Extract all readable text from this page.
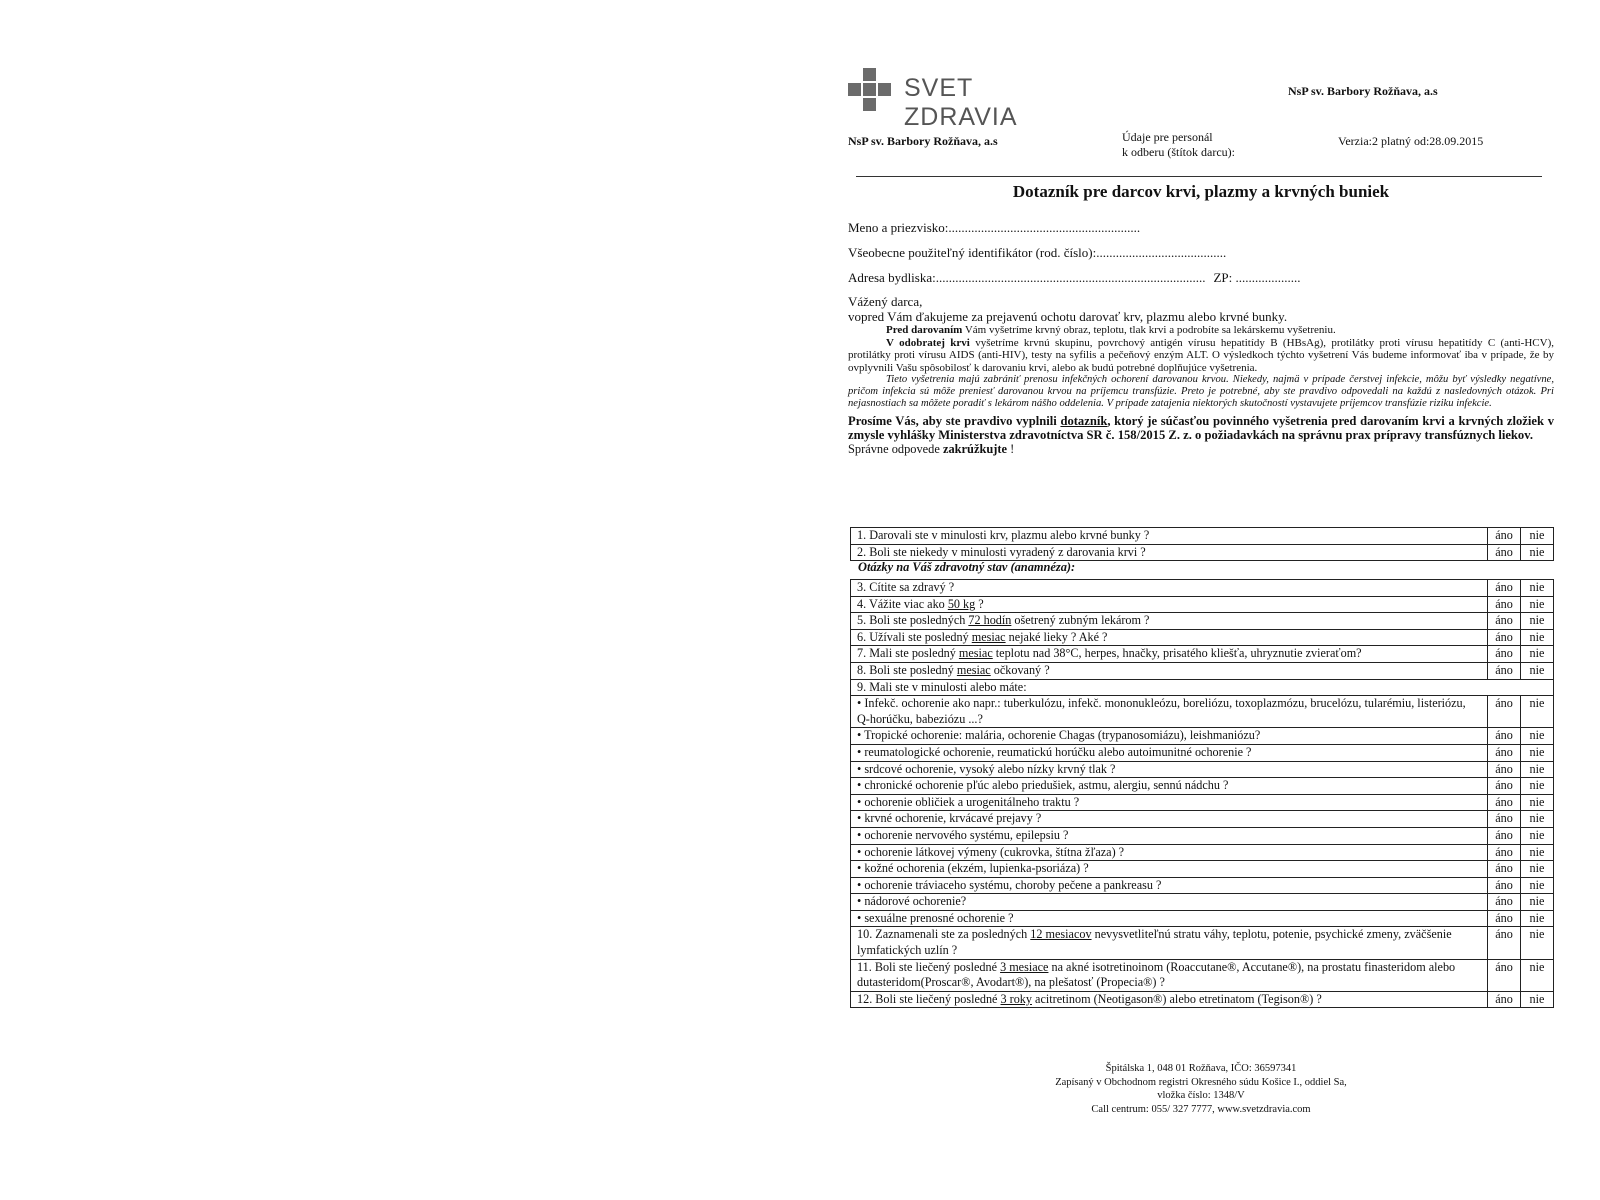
SVET ZDRAVIA
NsP sv. Barbory Rožňava, a.s
NsP sv. Barbory Rožňava, a.s	Údaje pre personál
k odberu (štítok darcu):
Verzia:2 platný od:28.09.2015
Dotazník pre darcov krvi, plazmy a krvných buniek
Meno a priezvisko:...........................................................
Všeobecne použiteľný identifikátor (rod. číslo):........................................
Adresa bydliska:................................................................................... ZP: ....................

Vážený darca,

vopred Vám ďakujeme za prejavenú ochotu darovať krv, plazmu alebo krvné bunky.

Pred darovaním Vám vyšetríme krvný obraz, teplotu, tlak krvi a podrobíte sa lekárskemu vyšetreniu.

V odobratej krvi vyšetríme krvnú skupinu, povrchový antigén vírusu hepatitídy B (HBsAg), protilátky proti vírusu hepatitídy C (anti-HCV), protilátky proti vírusu AIDS (anti-HIV), testy na syfilis a pečeňový enzým ALT. O výsledkoch týchto vyšetrení Vás budeme informovať iba v prípade, že by ovplyvnili Vašu spôsobilosť k darovaniu krvi, alebo ak budú potrebné doplňujúce vyšetrenia.

Tieto vyšetrenia majú zabrániť prenosu infekčných ochorení darovanou krvou. Niekedy, najmä v prípade čerstvej infekcie, môžu byť výsledky negatívne, pričom infekcia sú môže preniesť darovanou krvou na príjemcu transfúzie. Preto je potrebné, aby ste pravdivo odpovedali na každú z nasledovných otázok. Pri nejasnostiach sa môžete poradiť s lekárom nášho oddelenia. V prípade zatajenia niektorých skutočností vystavujete príjemcov transfúzie riziku infekcie.

Prosíme Vás, aby ste pravdivo vyplnili dotazník, ktorý je súčasťou povinného vyšetrenia pred darovaním krvi a krvných zložiek v zmysle vyhlášky Ministerstva zdravotníctva SR č. 158/2015 Z. z. o požiadavkách na správnu prax prípravy transfúznych liekov.

Správne odpovede zakrúžkujte !

1. Darovali ste v minulosti krv, plazmu alebo krvné bunky ?	áno	nie
2. Boli ste niekedy v minulosti vyradený z darovania krvi ?	áno	nie
Otázky na Váš zdravotný stav (anamnéza):
3. Cítite sa zdravý ?	áno	nie
4. Vážite viac ako 50 kg ?	áno	nie
5. Boli ste posledných 72 hodín ošetrený zubným lekárom ?	áno	nie
6. Užívali ste posledný mesiac nejaké lieky ? Aké ?	áno	nie
7. Mali ste posledný mesiac teplotu nad 38°C, herpes, hnačky, prisatého kliešťa, uhryznutie zvieraťom?	áno	nie
8. Boli ste posledný mesiac očkovaný ?	áno	nie
9. Mali ste v minulosti alebo máte:		
• Infekč. ochorenie ako napr.: tuberkulózu, infekč. mononukleózu, boreliózu, toxoplazmózu, brucelózu, tularémiu, listeriózu, Q-horúčku, babeziózu ...?	áno	nie
• Tropické ochorenie: malária, ochorenie Chagas (trypanosomiázu), leishmaniózu?	áno	nie
• reumatologické ochorenie, reumatickú horúčku alebo autoimunitné ochorenie ?	áno	nie
• srdcové ochorenie, vysoký alebo nízky krvný tlak ?	áno	nie
• chronické ochorenie pľúc alebo priedušiek, astmu, alergiu, sennú nádchu ?	áno	nie
• ochorenie obličiek a urogenitálneho traktu ?	áno	nie
• krvné ochorenie, krvácavé prejavy ?	áno	nie
• ochorenie nervového systému, epilepsiu ?	áno	nie
• ochorenie látkovej výmeny (cukrovka, štítna žľaza) ?	áno	nie
• kožné ochorenia (ekzém, lupienka-psoriáza) ?	áno	nie
• ochorenie tráviaceho systému, choroby pečene a pankreasu ?	áno	nie
• nádorové ochorenie?	áno	nie
• sexuálne prenosné ochorenie ?	áno	nie
10. Zaznamenali ste za posledných 12 mesiacov nevysvetliteľnú stratu váhy, teplotu, potenie, psychické zmeny, zväčšenie lymfatických uzlín ?	áno	nie
11. Boli ste liečený posledné 3 mesiace na akné isotretinoinom (Roaccutane®, Accutane®), na prostatu finasteridom alebo dutasteridom(Proscar®, Avodart®), na plešatosť (Propecia®) ?	áno	nie
12. Boli ste liečený posledné 3 roky acitretinom (Neotigason®) alebo etretinatom (Tegison®) ?	áno	nie
Špitálska 1, 048 01 Rožňava, IČO: 36597341
Zapísaný v Obchodnom registri Okresného súdu Košice I., oddiel Sa,
vložka číslo: 1348/V
Call centrum: 055/ 327 7777, www.svetzdravia.com
